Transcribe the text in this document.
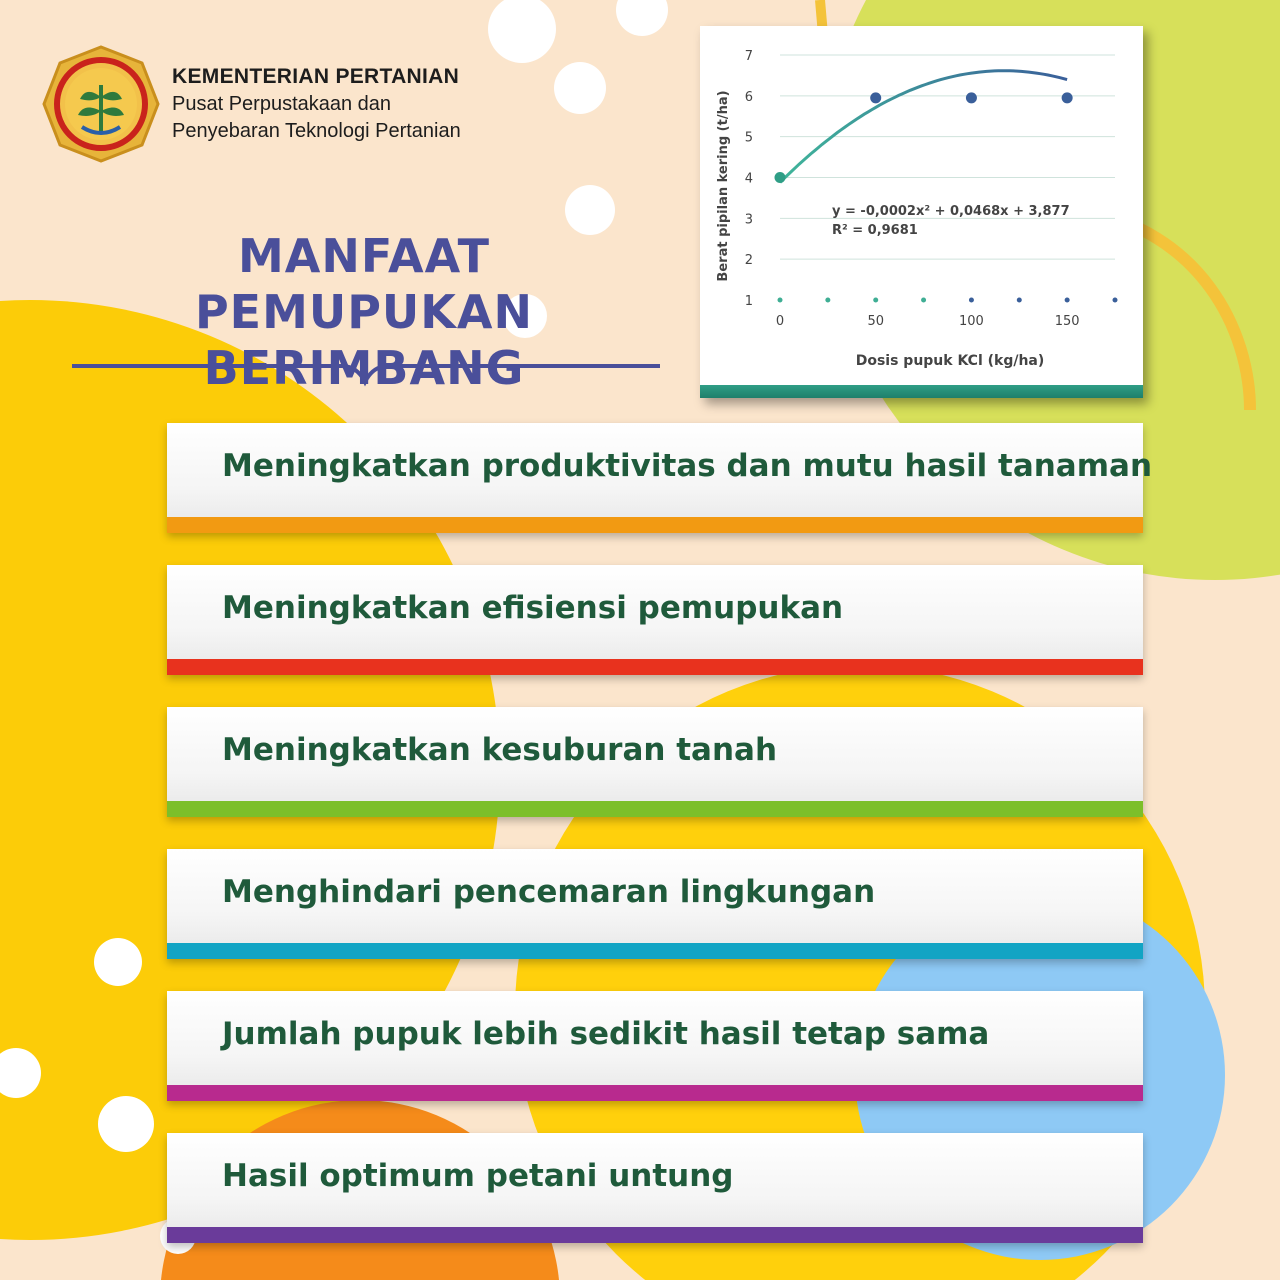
KEMENTERIAN PERTANIAN
Pusat Perpustakaan dan
Penyebaran Teknologi Pertanian
MANFAAT PEMUPUKAN
BERIMBANG
1
2
3
4
5
6
7
0	50	100	150
y = -0,0002x² + 0,0468x + 3,877
R² = 0,9681
Dosis pupuk KCl (kg/ha)
Berat pipilan kering (t/ha)
Meningkatkan produktivitas dan mutu hasil tanaman
Meningkatkan efisiensi pemupukan
Meningkatkan kesuburan tanah
Menghindari pencemaran lingkungan
Jumlah pupuk lebih sedikit hasil tetap sama
Hasil optimum petani untung
